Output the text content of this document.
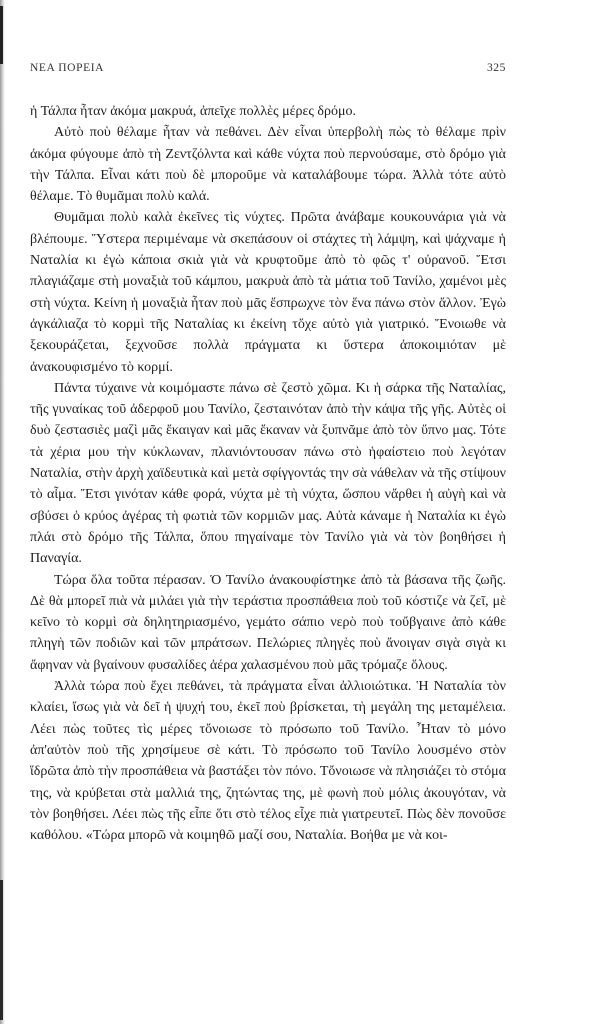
ΝΕΑ ΠΟΡΕΙΑ	325

ἡ Τάλπα ἦταν ἀκόμα μακρυά, ἀπεῖχε πολλὲς μέρες δρόμο.

Αὐτὸ ποὺ θέλαμε ἦταν νὰ πεθάνει. Δὲν εἶναι ὑπερβολὴ πὼς τὸ θέλαμε πρὶν ἀκόμα φύγουμε ἀπὸ τὴ Ζεντζόλντα καὶ κάθε νύχτα ποὺ περνούσαμε, στὸ δρόμο γιὰ τὴν Τάλπα. Εἶναι κάτι ποὺ δὲ μποροῦμε νὰ καταλάβουμε τώρα. Ἀλλὰ τότε αὐτὸ θέλαμε. Τὸ θυμᾶμαι πολὺ καλά.

Θυμᾶμαι πολὺ καλὰ ἐκεῖνες τὶς νύχτες. Πρῶτα ἀνάβαμε κουκουνάρια γιὰ νὰ βλέπουμε. Ὕστερα περιμέναμε νὰ σκεπάσουν οἱ στάχτες τὴ λάμψη, καὶ ψάχναμε ἡ Ναταλία κι ἐγὼ κάποια σκιὰ γιὰ νὰ κρυφτοῦμε ἀπὸ τὸ φῶς τ' οὐρανοῦ. Ἔτσι πλαγιάζαμε στὴ μοναξιὰ τοῦ κάμπου, μακρυὰ ἀπὸ τὰ μάτια τοῦ Τανίλο, χαμένοι μὲς στὴ νύχτα. Κείνη ἡ μοναξιὰ ἦταν ποὺ μᾶς ἔσπρωχνε τὸν ἕνα πάνω στὸν ἄλλον. Ἐγὼ ἀγκάλιαζα τὸ κορμὶ τῆς Ναταλίας κι ἐκείνη τὄχε αὐτὸ γιὰ γιατρικό. Ἔνοιωθε νὰ ξεκουράζεται, ξεχνοῦσε πολλὰ πράγματα κι ὕστερα ἀποκοιμιόταν μὲ ἀνακουφισμένο τὸ κορμί.

Πάντα τύχαινε νὰ κοιμόμαστε πάνω σὲ ζεστὸ χῶμα. Κι ἡ σάρκα τῆς Ναταλίας, τῆς γυναίκας τοῦ ἀδερφοῦ μου Τανίλο, ζεσταινόταν ἀπὸ τὴν κάψα τῆς γῆς. Αὐτὲς οἱ δυὸ ζεστασιὲς μαζὶ μᾶς ἔκαιγαν καὶ μᾶς ἔκαναν νὰ ξυπνᾶμε ἀπὸ τὸν ὕπνο μας. Τότε τὰ χέρια μου τὴν κύκλωναν, πλανιόντουσαν πάνω στὸ ἡφαίστειο ποὺ λεγόταν Ναταλία, στὴν ἀρχὴ χαϊδευτικὰ καὶ μετὰ σφίγγοντάς την σὰ νάθελαν νὰ τῆς στίψουν τὸ αἷμα. Ἔτσι γινόταν κάθε φορά, νύχτα μὲ τὴ νύχτα, ὥσπου νἄρθει ἡ αὐγὴ καὶ νὰ σβύσει ὁ κρύος ἀγέρας τὴ φωτιὰ τῶν κορμιῶν μας. Αὐτὰ κάναμε ἡ Ναταλία κι ἐγὼ πλάι στὸ δρόμο τῆς Τάλπα, ὅπου πηγαίναμε τὸν Τανίλο γιὰ νὰ τὸν βοηθήσει ἡ Παναγία.

Τώρα ὅλα τοῦτα πέρασαν. Ὁ Τανίλο ἀνακουφίστηκε ἀπὸ τὰ βάσανα τῆς ζωῆς. Δὲ θὰ μπορεῖ πιὰ νὰ μιλάει γιὰ τὴν τεράστια προσπάθεια ποὺ τοῦ κόστιζε νὰ ζεῖ, μὲ κεῖνο τὸ κορμὶ σὰ δηλητηριασμένο, γεμάτο σάπιο νερὸ ποὺ τοὔβγαινε ἀπὸ κάθε πληγὴ τῶν ποδιῶν καὶ τῶν μπράτσων. Πελώριες πληγὲς ποὺ ἄνοιγαν σιγὰ σιγὰ κι ἄφηναν νὰ βγαίνουν φυσαλίδες ἀέρα χαλασμένου ποὺ μᾶς τρόμαζε ὅλους.

Ἀλλὰ τώρα ποὺ ἔχει πεθάνει, τὰ πράγματα εἶναι ἀλλιοιώτικα. Ἡ Ναταλία τὸν κλαίει, ἴσως γιὰ νὰ δεῖ ἡ ψυχή του, ἐκεῖ ποὺ βρίσκεται, τὴ μεγάλη της μεταμέλεια. Λέει πὼς τοῦτες τὶς μέρες τὄνοιωσε τὸ πρόσωπο τοῦ Τανίλο. Ἦταν τὸ μόνο ἀπ'αὐτὸν ποὺ τῆς χρησίμευε σὲ κάτι. Τὸ πρόσωπο τοῦ Τανίλο λουσμένο στὸν ἵδρῶτα ἀπὸ τὴν προσπάθεια νὰ βαστάξει τὸν πόνο. Τὄνοιωσε νὰ πλησιάζει τὸ στόμα της, νὰ κρύβεται στὰ μαλλιά της, ζητώντας της, μὲ φωνὴ ποὺ μόλις ἀκουγόταν, νὰ τὸν βοηθήσει. Λέει πὼς τῆς εἶπε ὅτι στὸ τέλος εἶχε πιὰ γιατρευτεῖ. Πὼς δὲν πονοῦσε καθόλου. «Τώρα μπορῶ νὰ κοιμηθῶ μαζί σου, Ναταλία. Βοήθα με νὰ κοι-
